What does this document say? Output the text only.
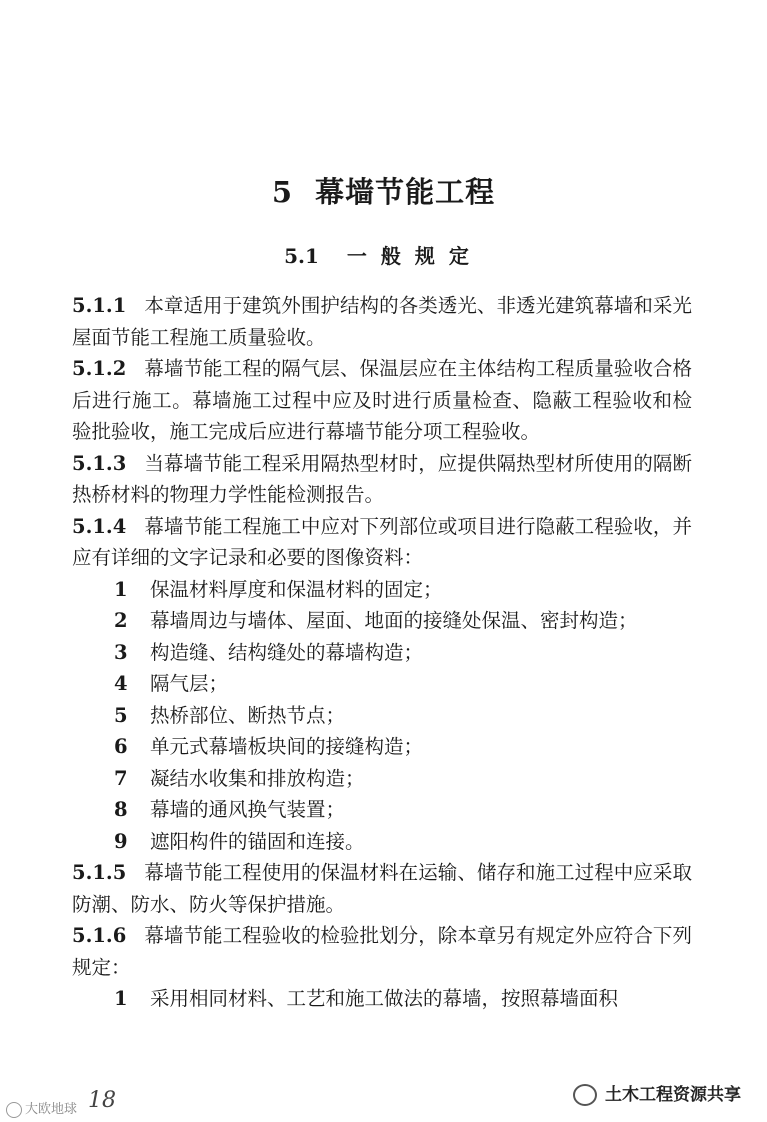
5 幕墙节能工程
5.1 一般规定

5.1.1 本章适用于建筑外围护结构的各类透光、非透光建筑幕墙和采光屋面节能工程施工质量验收。

5.1.2 幕墙节能工程的隔气层、保温层应在主体结构工程质量验收合格后进行施工。幕墙施工过程中应及时进行质量检查、隐蔽工程验收和检验批验收，施工完成后应进行幕墙节能分项工程验收。

5.1.3 当幕墙节能工程采用隔热型材时，应提供隔热型材所使用的隔断热桥材料的物理力学性能检测报告。

5.1.4 幕墙节能工程施工中应对下列部位或项目进行隐蔽工程验收，并应有详细的文字记录和必要的图像资料：

1 保温材料厚度和保温材料的固定；

2 幕墙周边与墙体、屋面、地面的接缝处保温、密封构造；

3 构造缝、结构缝处的幕墙构造；

4 隔气层；

5 热桥部位、断热节点；

6 单元式幕墙板块间的接缝构造；

7 凝结水收集和排放构造；

8 幕墙的通风换气装置；

9 遮阳构件的锚固和连接。

5.1.5 幕墙节能工程使用的保温材料在运输、储存和施工过程中应采取防潮、防水、防火等保护措施。

5.1.6 幕墙节能工程验收的检验批划分，除本章另有规定外应符合下列规定：

1 采用相同材料、工艺和施工做法的幕墙，按照幕墙面积

18
大欧地球
土木工程资源共享
